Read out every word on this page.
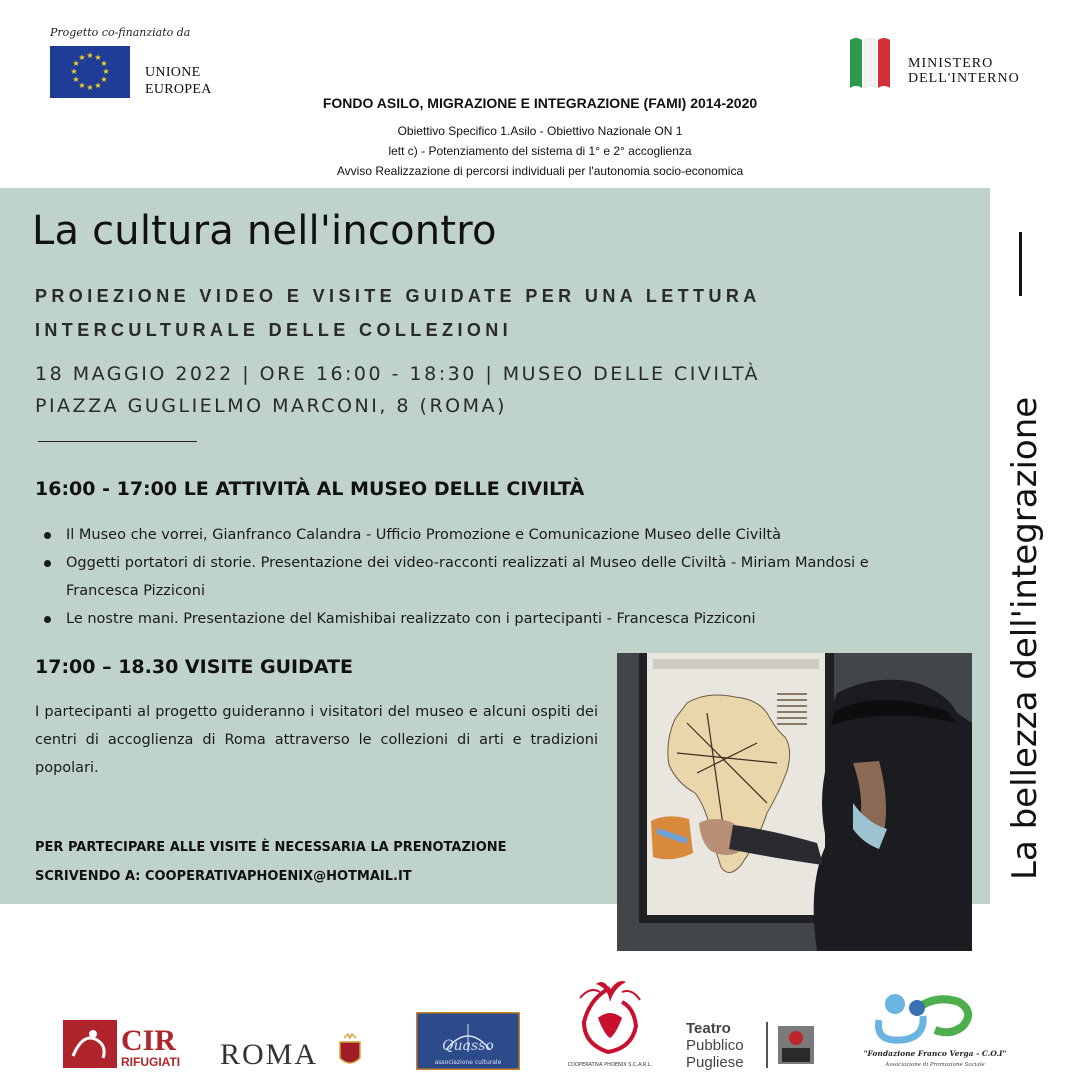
Progetto co-finanziato da
★ ★
★
★
★
★
★
★
★
★
★
★
UNIONE
EUROPEA
MINISTERO
DELL'INTERNO
FONDO ASILO, MIGRAZIONE E INTEGRAZIONE (FAMI) 2014-2020
Obiettivo Specifico 1.Asilo - Obiettivo Nazionale ON 1
lett c) - Potenziamento del sistema di 1° e 2° accoglienza
Avviso Realizzazione di percorsi individuali per l'autonomia socio-economica
La cultura nell'incontro
PROIEZIONE VIDEO E VISITE GUIDATE PER UNA LETTURA
INTERCULTURALE DELLE COLLEZIONI
18 MAGGIO 2022 | ORE 16:00 - 18:30 | MUSEO DELLE CIVILTÀ
PIAZZA GUGLIELMO MARCONI, 8 (ROMA)
16:00 - 17:00 LE ATTIVITÀ AL MUSEO DELLE CIVILTÀ
Il Museo che vorrei, Gianfranco Calandra - Ufficio Promozione e Comunicazione Museo delle Civiltà
Oggetti portatori di storie. Presentazione dei video-racconti realizzati al Museo delle Civiltà - Miriam Mandosi e Francesca Pizziconi
Le nostre mani. Presentazione del Kamishibai realizzato con i partecipanti - Francesca Pizziconi
17:00 – 18.30 VISITE GUIDATE
I partecipanti al progetto guideranno i visitatori del museo e alcuni ospiti dei centri di accoglienza di Roma attraverso le collezioni di arti e tradizioni popolari.
PER PARTECIPARE ALLE VISITE È NECESSARIA LA PRENOTAZIONE
SCRIVENDO A: COOPERATIVAPHOENIX@HOTMAIL.IT	La bellezza dell'integrazione
CIR
RIFUGIATI ROMA	Quasso
associazione culturale	COOPERATIVA PHOENIX S.C.A.R.L.
Teatro
Pubblico
Pugliese
"Fondazione Franco Verga - C.O.I"
Associazione di Promozione Sociale
